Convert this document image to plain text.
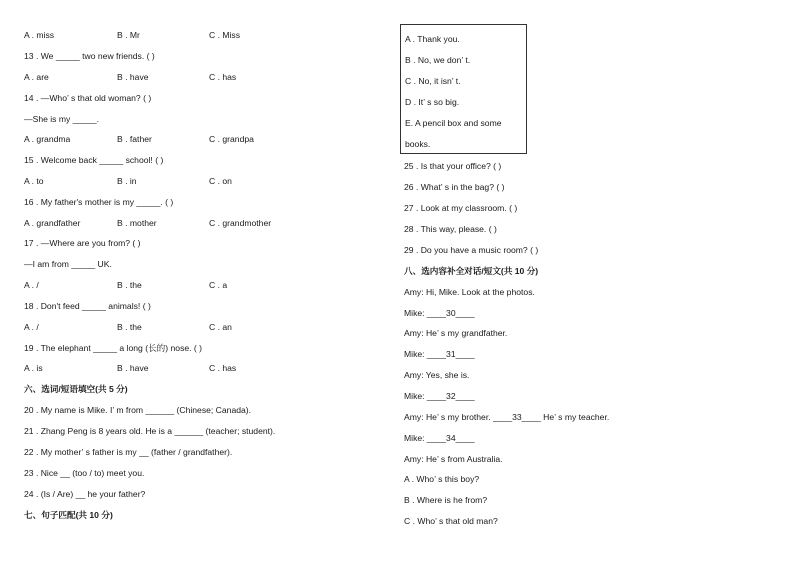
A . miss	B . Mr	C . Miss
13 . We _____ two new friends. ( )
A . are	B . have	C . has
14 . —Who’ s that old woman? ( )
—She is my _____.
A . grandma	B . father	C . grandpa
15 . Welcome back _____ school! ( )
A . to	B . in	C . on
16 . My father's mother is my _____. ( )
A . grandfather	B . mother	C . grandmother
17 . —Where are you from? ( )
—I am from _____ UK.
A . /	B . the	C . a
18 . Don't feed _____ animals! ( )
A . /	B . the	C . an
19 . The elephant _____ a long (长的) nose. ( )
A . is	B . have	C . has
六、选词/短语填空(共 5 分)
20 . My name is Mike. I’ m from ______ (Chinese; Canada).
21 . Zhang Peng is 8 years old. He is a ______ (teacher; student).
22 . My mother’ s father is my __ (father / grandfather).
23 . Nice __ (too / to) meet you.
24 . (Is / Are) __ he your father?
七、句子匹配(共 10 分)
A . Thank you.
B . No, we don’ t.
C . No, it isn’ t.
D . It’ s so big.
E. A pencil box and some
books.
25 . Is that your office? ( )
26 . What’ s in the bag? ( )
27 . Look at my classroom. ( )
28 . This way, please. ( )
29 . Do you have a music room? ( )
八、选内容补全对话/短文(共 10 分)
Amy: Hi, Mike. Look at the photos.
Mike: ____30____
Amy: He’ s my grandfather.
Mike: ____31____
Amy: Yes, she is.
Mike: ____32____
Amy: He’ s my brother. ____33____ He’ s my teacher.
Mike: ____34____
Amy: He’ s from Australia.
A . Who’ s this boy?
B . Where is he from?
C . Who’ s that old man?
